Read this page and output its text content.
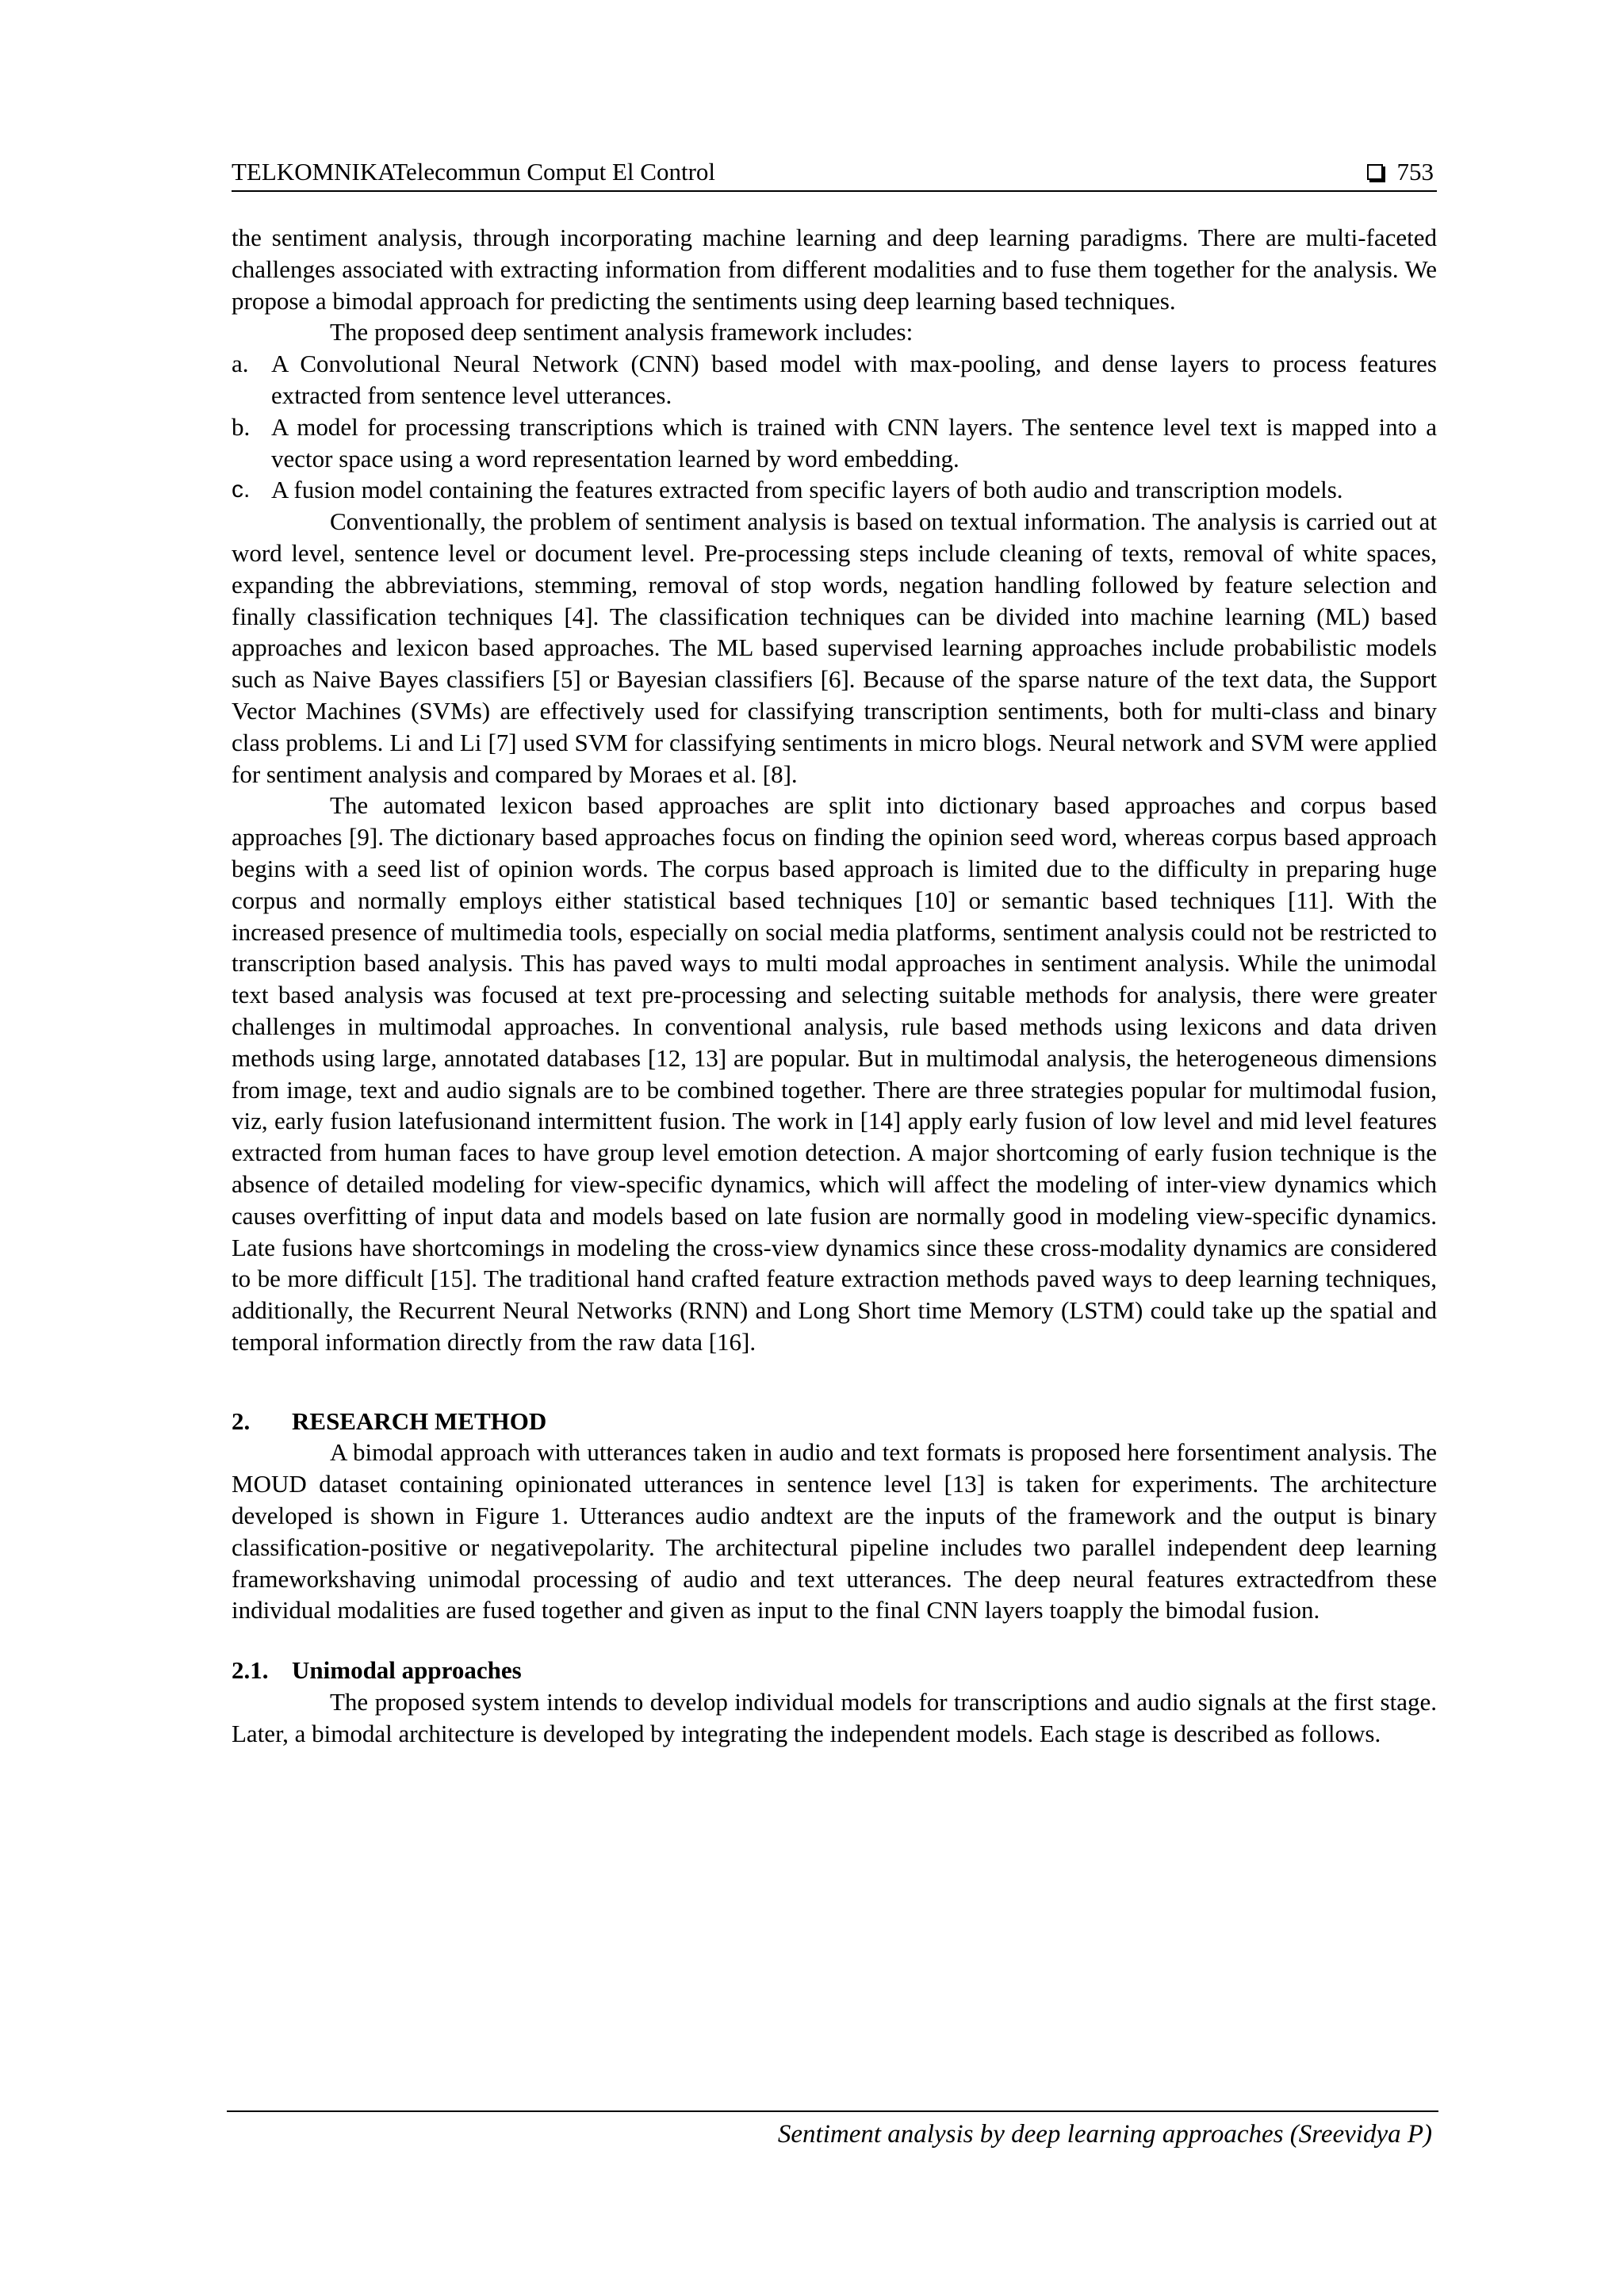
TELKOMNIKATelecommun Comput El Control	753

the sentiment analysis, through incorporating machine learning and deep learning paradigms. There are multi-faceted challenges associated with extracting information from different modalities and to fuse them together for the analysis. We propose a bimodal approach for predicting the sentiments using deep learning based techniques.

The proposed deep sentiment analysis framework includes:

a. A Convolutional Neural Network (CNN) based model with max-pooling, and dense layers to process features extracted from sentence level utterances.
b. A model for processing transcriptions which is trained with CNN layers. The sentence level text is mapped into a vector space using a word representation learned by word embedding.
c. A fusion model containing the features extracted from specific layers of both audio and transcription models.

Conventionally, the problem of sentiment analysis is based on textual information. The analysis is carried out at word level, sentence level or document level. Pre-processing steps include cleaning of texts, removal of white spaces, expanding the abbreviations, stemming, removal of stop words, negation handling followed by feature selection and finally classification techniques [4]. The classification techniques can be divided into machine learning (ML) based approaches and lexicon based approaches. The ML based supervised learning approaches include probabilistic models such as Naive Bayes classifiers [5] or Bayesian classifiers [6]. Because of the sparse nature of the text data, the Support Vector Machines (SVMs) are effectively used for classifying transcription sentiments, both for multi-class and binary class problems. Li and Li [7] used SVM for classifying sentiments in micro blogs. Neural network and SVM were applied for sentiment analysis and compared by Moraes et al. [8].

The automated lexicon based approaches are split into dictionary based approaches and corpus based approaches [9]. The dictionary based approaches focus on finding the opinion seed word, whereas corpus based approach begins with a seed list of opinion words. The corpus based approach is limited due to the difficulty in preparing huge corpus and normally employs either statistical based techniques [10] or semantic based techniques [11]. With the increased presence of multimedia tools, especially on social media platforms, sentiment analysis could not be restricted to transcription based analysis. This has paved ways to multi modal approaches in sentiment analysis. While the unimodal text based analysis was focused at text pre-processing and selecting suitable methods for analysis, there were greater challenges in multimodal approaches. In conventional analysis, rule based methods using lexicons and data driven methods using large, annotated databases [12, 13] are popular. But in multimodal analysis, the heterogeneous dimensions from image, text and audio signals are to be combined together. There are three strategies popular for multimodal fusion, viz, early fusion latefusionand intermittent fusion. The work in [14] apply early fusion of low level and mid level features extracted from human faces to have group level emotion detection. A major shortcoming of early fusion technique is the absence of detailed modeling for view-specific dynamics, which will affect the modeling of inter-view dynamics which causes overfitting of input data and models based on late fusion are normally good in modeling view-specific dynamics. Late fusions have shortcomings in modeling the cross-view dynamics since these cross-modality dynamics are considered to be more difficult [15]. The traditional hand crafted feature extraction methods paved ways to deep learning techniques, additionally, the Recurrent Neural Networks (RNN) and Long Short time Memory (LSTM) could take up the spatial and temporal information directly from the raw data [16].

2. RESEARCH METHOD

A bimodal approach with utterances taken in audio and text formats is proposed here forsentiment analysis. The MOUD dataset containing opinionated utterances in sentence level [13] is taken for experiments. The architecture developed is shown in Figure 1. Utterances audio andtext are the inputs of the framework and the output is binary classification-positive or negativepolarity. The architectural pipeline includes two parallel independent deep learning frameworkshaving unimodal processing of audio and text utterances. The deep neural features extractedfrom these individual modalities are fused together and given as input to the final CNN layers toapply the bimodal fusion.

2.1. Unimodal approaches

The proposed system intends to develop individual models for transcriptions and audio signals at the first stage. Later, a bimodal architecture is developed by integrating the independent models. Each stage is described as follows.

Sentiment analysis by deep learning approaches (Sreevidya P)
